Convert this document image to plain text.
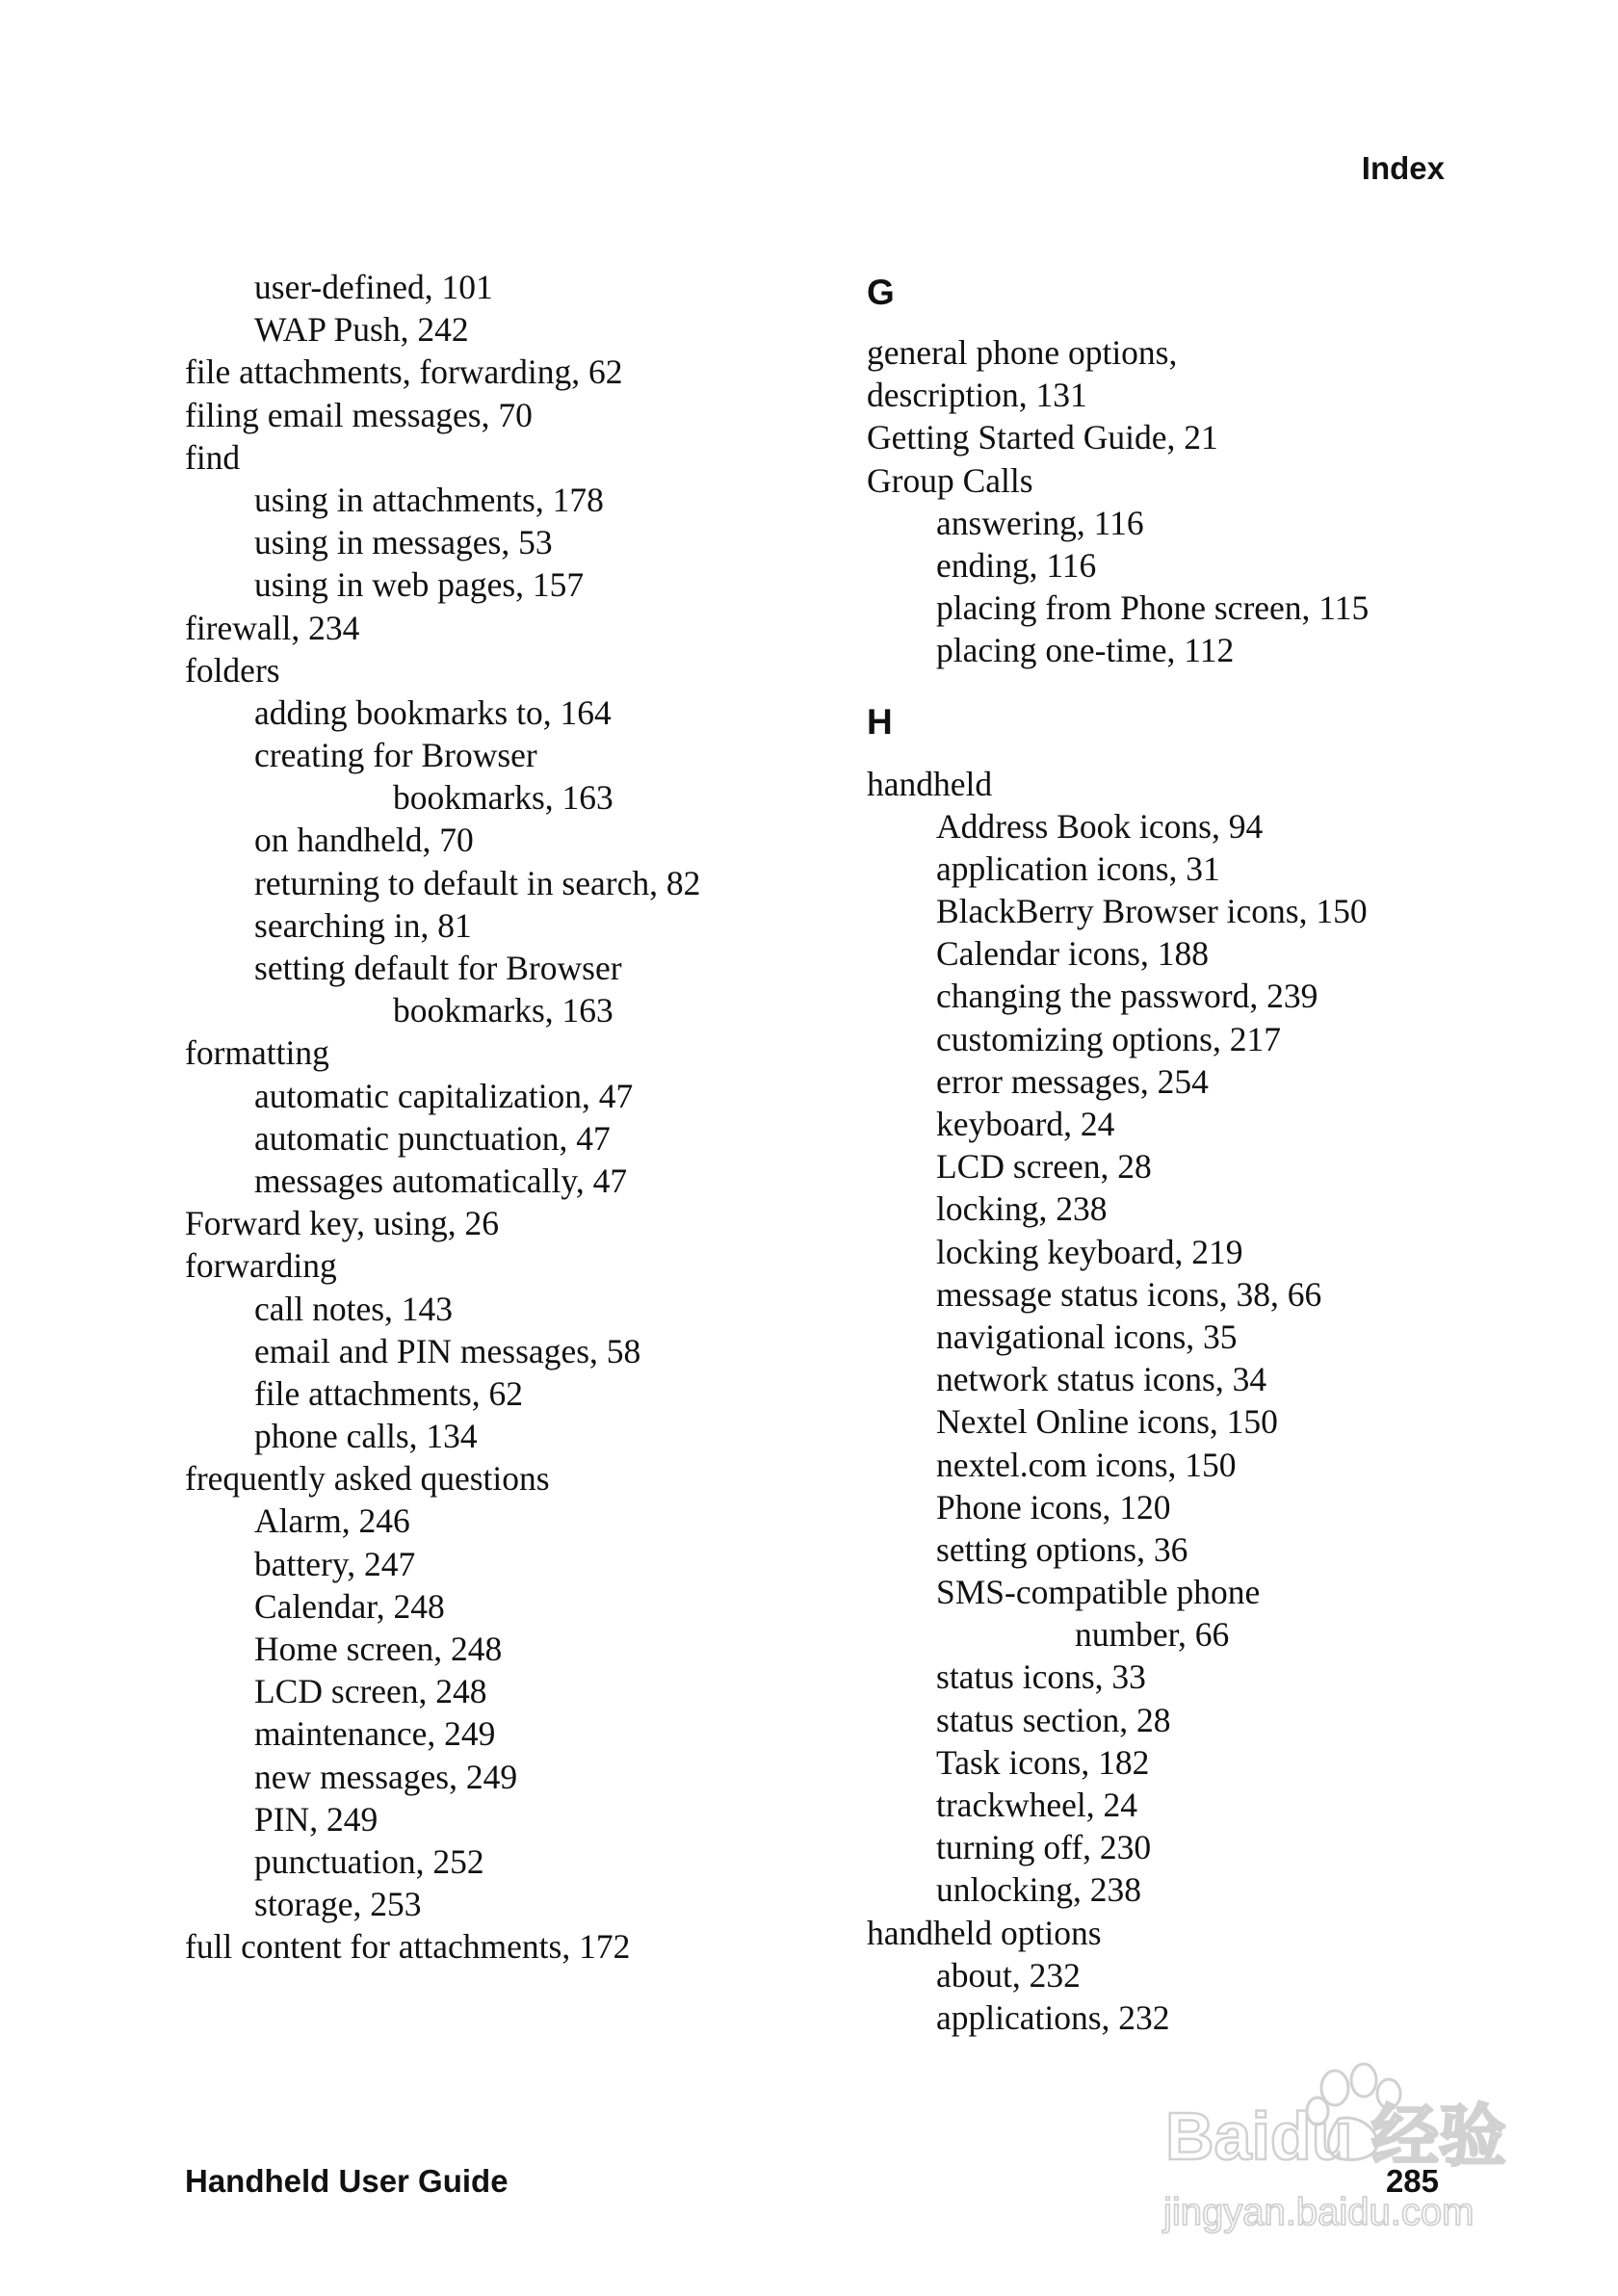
Index
user-defined, 101
WAP Push, 242
file attachments, forwarding, 62
filing email messages, 70
find
using in attachments, 178
using in messages, 53
using in web pages, 157
firewall, 234
folders
adding bookmarks to, 164
creating for Browser
bookmarks, 163
on handheld, 70
returning to default in search, 82
searching in, 81
setting default for Browser
bookmarks, 163
formatting
automatic capitalization, 47
automatic punctuation, 47
messages automatically, 47
Forward key, using, 26
forwarding
call notes, 143
email and PIN messages, 58
file attachments, 62
phone calls, 134
frequently asked questions
Alarm, 246
battery, 247
Calendar, 248
Home screen, 248
LCD screen, 248
maintenance, 249
new messages, 249
PIN, 249
punctuation, 252
storage, 253
full content for attachments, 172
G
general phone options,
description, 131
Getting Started Guide, 21
Group Calls
answering, 116
ending, 116
placing from Phone screen, 115
placing one-time, 112
H
handheld
Address Book icons, 94
application icons, 31
BlackBerry Browser icons, 150
Calendar icons, 188
changing the password, 239
customizing options, 217
error messages, 254
keyboard, 24
LCD screen, 28
locking, 238
locking keyboard, 219
message status icons, 38, 66
navigational icons, 35
network status icons, 34
Nextel Online icons, 150
nextel.com icons, 150
Phone icons, 120
setting options, 36
SMS-compatible phone
number, 66
status icons, 33
status section, 28
Task icons, 182
trackwheel, 24
turning off, 230
unlocking, 238
handheld options
about, 232
applications, 232
Handheld User Guide	285
Baidu 经验
jingyan.baidu.com
